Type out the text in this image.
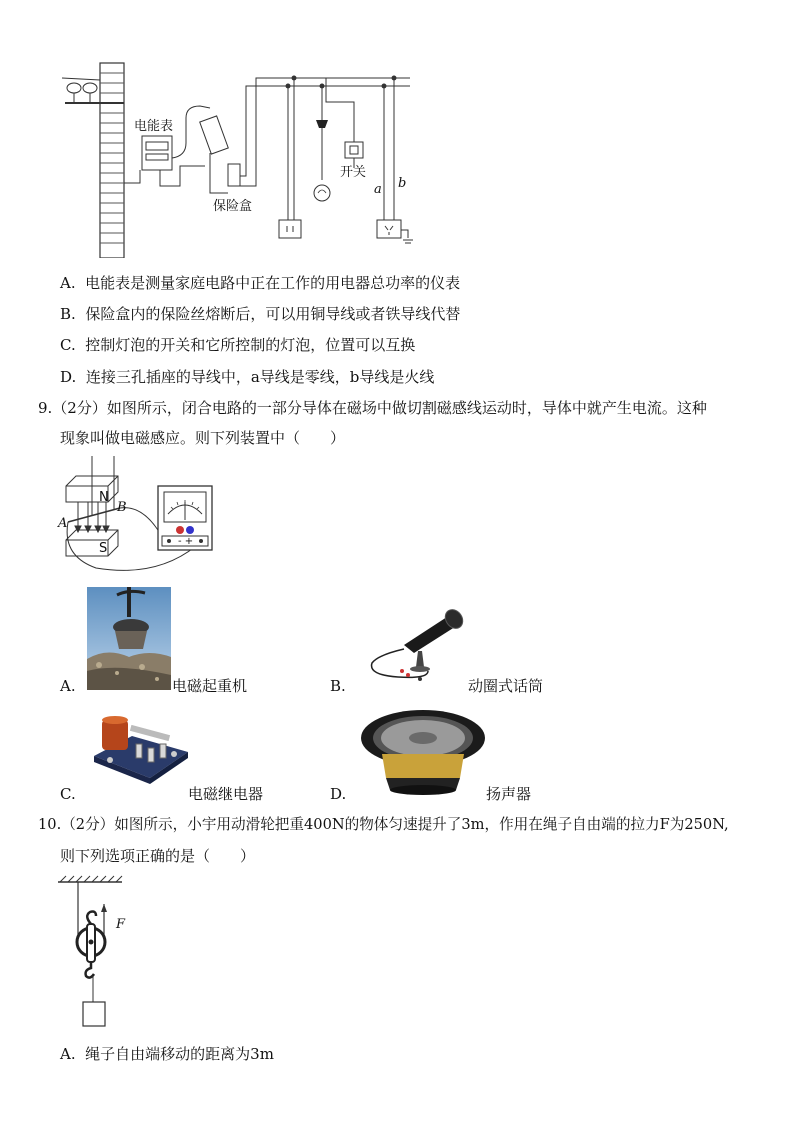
电能表
保险盒
开关
a b
A. 电能表是测量家庭电路中正在工作的用电器总功率的仪表
B. 保险盒内的保险丝熔断后，可以用铜导线或者铁导线代替
C. 控制灯泡的开关和它所控制的灯泡，位置可以互换
D. 连接三孔插座的导线中，a导线是零线，b导线是火线
9.（2分）如图所示，闭合电路的一部分导体在磁场中做切割磁感线运动时，导体中就产生电流。这种
现象叫做电磁感应。则下列装置中（　　）
N
S
A
B
- +
A.	电磁起重机	B.	动圈式话筒
C.	电磁继电器	D.	扬声器
10.（2分）如图所示，小宇用动滑轮把重400N的物体匀速提升了3m，作用在绳子自由端的拉力F为250N,
则下列选项正确的是（　　）
F
A. 绳子自由端移动的距离为3m
